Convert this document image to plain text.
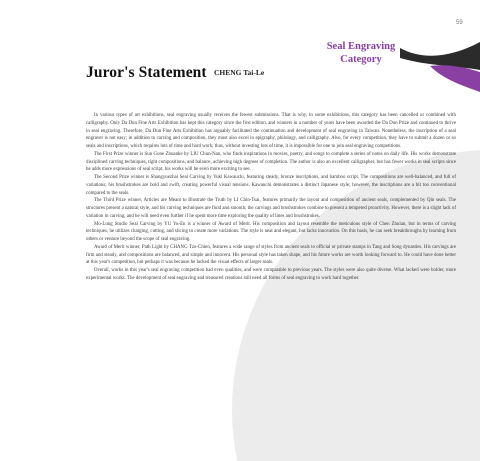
59
Seal Engraving
Category
Juror's Statement CHENG Tai-Le

In various types of art exhibitions, seal engraving usually receives the fewest submissions. That is why, in some exhibitions, this category has been cancelled or combined with calligraphy. Only Da Dun Fine Arts Exhibition has kept this category since the first edition, and winners in a number of years have been awarded the Da Dun Prize and continued to thrive in seal engraving. Therefore, Da Dun Fine Arts Exhibition has arguably facilitated the continuation and development of seal engraving in Taiwan. Nonetheless, the inscription of a seal engraver is not easy; in addition to carving and composition, they must also excel in epigraphy, philology, and calligraphy. Also, for every competition, they have to submit a dozen or so seals and inscriptions, which requires lots of time and hard work; thus, without investing lots of time, it is impossible for one to join seal engraving competitions.

The First Prize winner is Sun Gone Zhuanke by LIU Chun-Nan, who finds inspirations in movies, poetry, and songs to complete a series of notes on daily life. His works demonstrate disciplined carving techniques, tight compositions, and balance, achieving high degrees of completion. The author is also an excellent calligrapher, but has fewer works in seal scripts since he adds more expressions of seal script, his works will be even more exciting to see.

The Second Prize winner is Shangyuezhai Seal Carving by Yuki Kawauchi, featuring steady, bronze inscriptions, and bamboo script. The compositions are well-balanced, and full of variations; his brushstrokes are bold and swift, creating powerful visual tensions. Kawauchi demonstrates a distinct Japanese style; however, the inscriptions are a bit too conventional compared to the seals.

The Third Prize winner, Articles are Meant to Illustrate the Truth by LI Chin-Tsai, features primarily the layout and composition of ancient seals, complemented by Qin seals. The structures present a natural style, and his carving techniques are fluid and smooth; the carvings and brushstrokes combine to present a tempered proactivity. However, there is a slight lack of variation in carving, and he will need even further if he spent more time exploring the quality of lines and brushstrokes.

Mo-Lung Studio Seal Carving by YU Yu-En is a winner of Award of Merit. His composition and layout resemble the meticulous style of Chen Zhulan, but in terms of carving techniques, he utilizes charging, cutting, and slicing to create more variations. The style is neat and elegant, but lacks innovation. On this basis, he can seek breakthroughs by learning from others or venture beyond the scope of seal engraving.

Award of Merit winner, Path Light by CHANG Tzu-Chien, features a wide range of styles from ancient seals to official or private stamps in Tang and Song dynasties. His carvings are firm and steady, and compositions are balanced, and simple and innocent. His personal style has taken shape, and his future works are worth looking forward to. He could have done better at this year's competition, but perhaps it was because he lacked the visual effects of larger seals.

Overall, works in this year's seal engraving competition had even qualities, and were comparable to previous years. The styles were also quite diverse. What lacked were bolder, more experimental works. The development of seal engraving and treasured creations still need all forms of seal engraving to work hard together.
